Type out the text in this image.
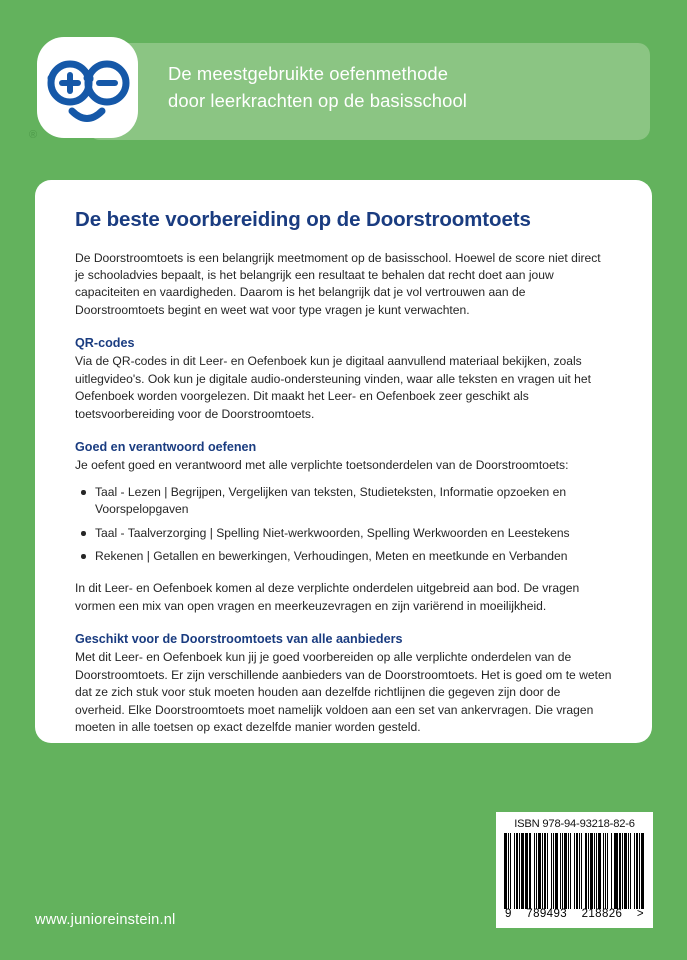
De meestgebruikte oefenmethode
door leerkrachten op de basisschool
®
De beste voorbereiding op de Doorstroomtoets

De Doorstroomtoets is een belangrijk meetmoment op de basisschool. Hoewel de score niet direct je schooladvies bepaalt, is het belangrijk een resultaat te behalen dat recht doet aan jouw capaciteiten en vaardigheden. Daarom is het belangrijk dat je vol vertrouwen aan de Doorstroomtoets begint en weet wat voor type vragen je kunt verwachten.

QR-codes

Via de QR-codes in dit Leer- en Oefenboek kun je digitaal aanvullend materiaal bekijken, zoals uitlegvideo's. Ook kun je digitale audio-ondersteuning vinden, waar alle teksten en vragen uit het Oefenboek worden voorgelezen. Dit maakt het Leer- en Oefenboek zeer geschikt als toetsvoorbereiding voor de Doorstroomtoets.

Goed en verantwoord oefenen

Je oefent goed en verantwoord met alle verplichte toetsonderdelen van de Doorstroomtoets:

Taal - Lezen | Begrijpen, Vergelijken van teksten, Studieteksten, Informatie opzoeken en Voorspelopgaven
Taal - Taalverzorging | Spelling Niet-werkwoorden, Spelling Werkwoorden en Leestekens
Rekenen | Getallen en bewerkingen, Verhoudingen, Meten en meetkunde en Verbanden

In dit Leer- en Oefenboek komen al deze verplichte onderdelen uitgebreid aan bod. De vragen vormen een mix van open vragen en meerkeuzevragen en zijn variërend in moeilijkheid.

Geschikt voor de Doorstroomtoets van alle aanbieders

Met dit Leer- en Oefenboek kun jij je goed voorbereiden op alle verplichte onderdelen van de Doorstroomtoets. Er zijn verschillende aanbieders van de Doorstroomtoets. Het is goed om te weten dat ze zich stuk voor stuk moeten houden aan dezelfde richtlijnen die gegeven zijn door de overheid. Elke Doorstroomtoets moet namelijk voldoen aan een set van ankervragen. Die vragen moeten in alle toetsen op exact dezelfde manier worden gesteld.

www.junioreinstein.nl
ISBN 978-94-93218-82-6
9 789493 218826 >
